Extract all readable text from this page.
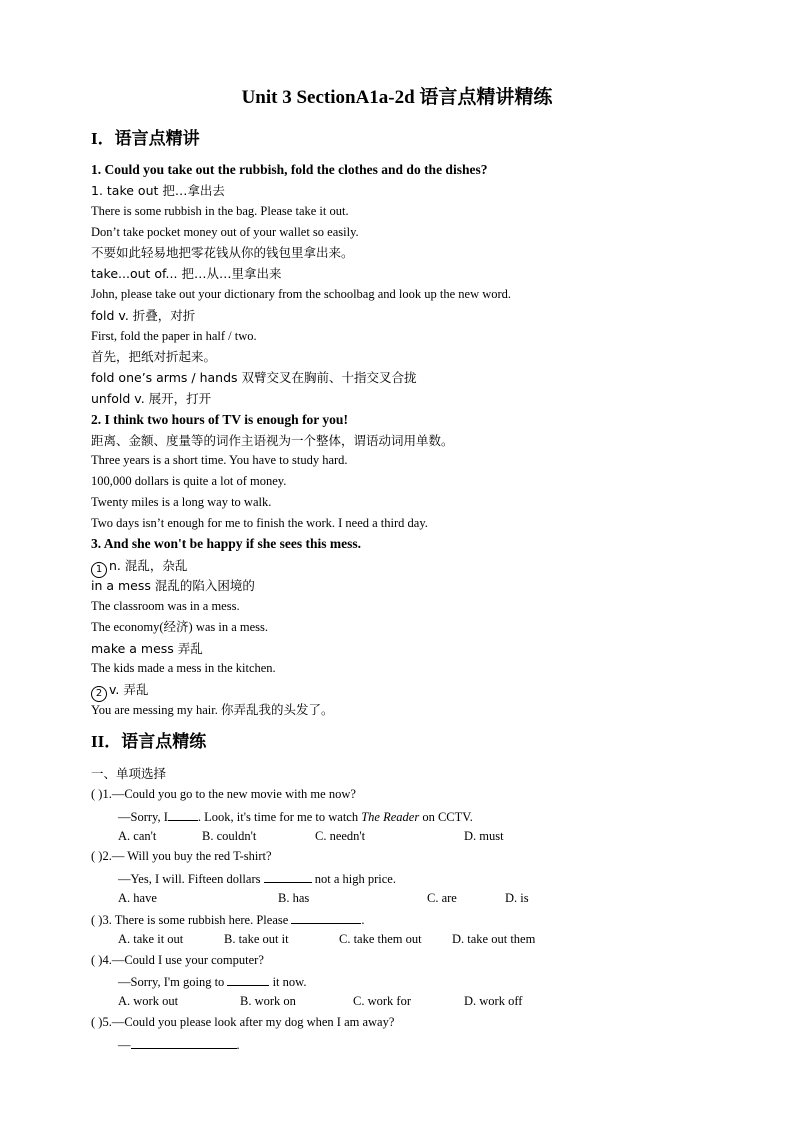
Unit 3 SectionA1a-2d 语言点精讲精练
I．语言点精讲
1. Could you take out the rubbish, fold the clothes and do the dishes?
1. take out 把…拿出去
There is some rubbish in the bag. Please take it out.
Don’t take pocket money out of your wallet so easily.
不要如此轻易地把零花钱从你的钱包里拿出来。
take...out of... 把…从…里拿出来
John, please take out your dictionary from the schoolbag and look up the new word.
fold v. 折叠，对折
First, fold the paper in half / two.
首先，把纸对折起来。
fold one’s arms / hands 双臂交叉在胸前、十指交叉合拢
unfold v. 展开，打开
2. I think two hours of TV is enough for you!
距离、金额、度量等的词作主语视为一个整体，谓语动词用单数。
Three years is a short time. You have to study hard.
100,000 dollars is quite a lot of money.
Twenty miles is a long way to walk.
Two days isn’t enough for me to finish the work. I need a third day.
3. And she won't be happy if she sees this mess.
1 n. 混乱，杂乱
in a mess 混乱的陷入困境的
The classroom was in a mess.
The economy(经济) was in a mess.
make a mess 弄乱
The kids made a mess in the kitchen.
2 v. 弄乱
You are messing my hair. 你弄乱我的头发了。
II．语言点精练
一、单项选择
( )1.—Could you go to the new movie with me now?
—Sorry, I . Look, it's time for me to watch The Reader on CCTV.
A. can't	B. couldn't	C. needn't	D. must
( )2.— Will you buy the red T-shirt?
—Yes, I will. Fifteen dollars	not a high price.
A. have	B. has	C. are	D. is
( )3. There is some rubbish here. Please	.
A. take it out	B. take out it	C. take them out D. take out them
( )4.—Could I use your computer?
—Sorry, I'm going to	it now.
A. work out	B. work on	C. work for	D. work off
( )5.—Could you please look after my dog when I am away?
—	.
